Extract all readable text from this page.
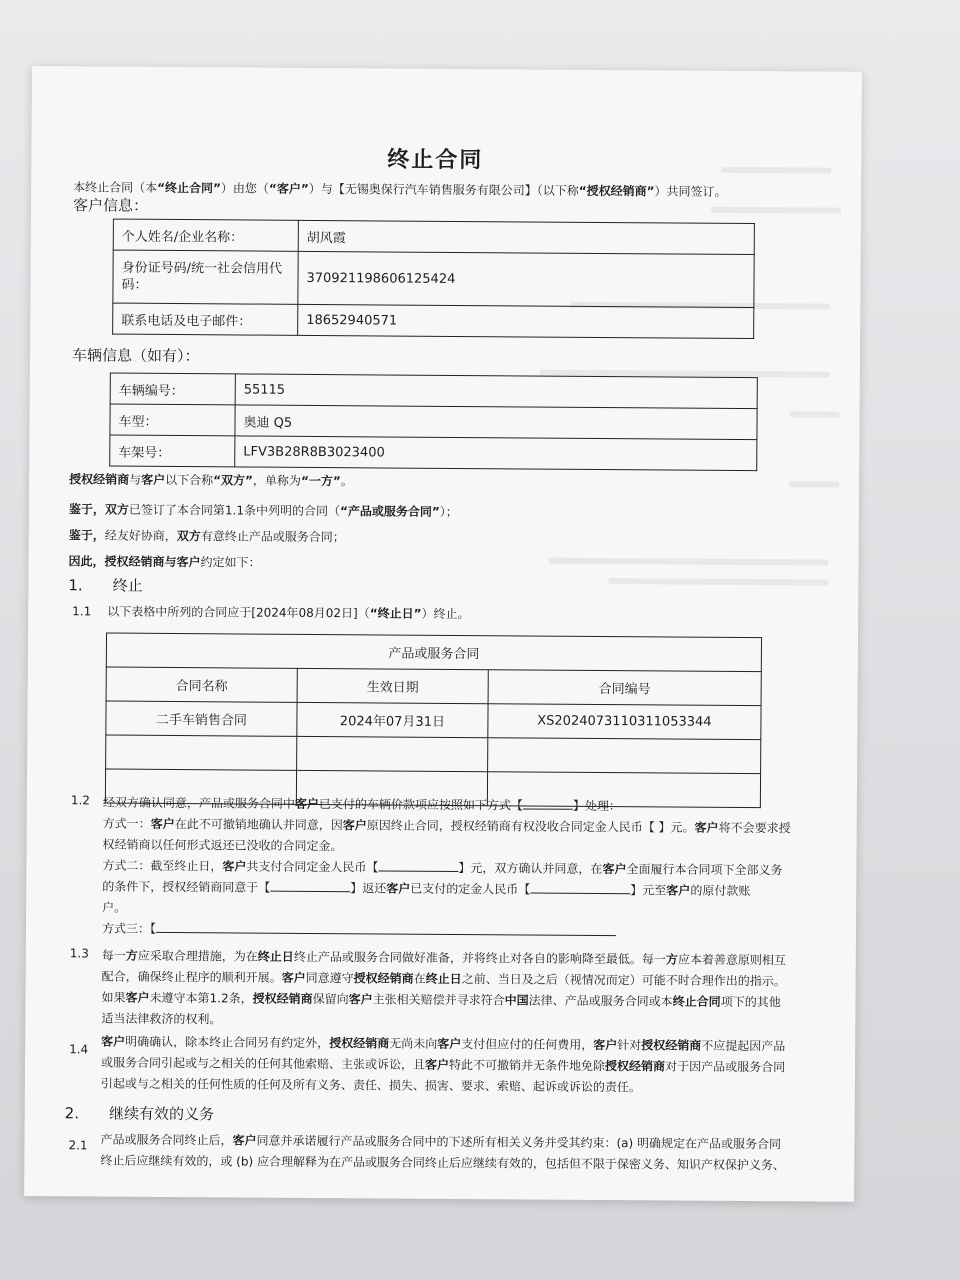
终止合同
本终止合同（本“终止合同”）由您（“客户”）与【无锡奥保行汽车销售服务有限公司】（以下称“授权经销商”）共同签订。
客户信息：
个人姓名/企业名称：	胡风霞
身份证号码/统一社会信用代码：	370921198606125424
联系电话及电子邮件：	18652940571
车辆信息（如有）：
车辆编号：	55115
车型：	奥迪 Q5
车架号：	LFV3B28R8B3023400
授权经销商与客户以下合称“双方”，单称为“一方”。
鉴于，双方已签订了本合同第1.1条中列明的合同（“产品或服务合同”）；
鉴于，经友好协商，双方有意终止产品或服务合同；
因此，授权经销商与客户约定如下：
1. 终止
1.1 以下表格中所列的合同应于[2024年08月02日]（“终止日”）终止。
产品或服务合同		
合同名称	生效日期	合同编号
二手车销售合同	2024年07月31日	XS2024073110311053344

1.2 经双方确认同意，产品或服务合同中客户已支付的车辆价款项应按照如下方式【	】处理：
方式一：客户在此不可撤销地确认并同意，因客户原因终止合同，授权经销商有权没收合同定金人民币【 】元。客户将不会要求授
权经销商以任何形式返还已没收的合同定金。
方式二：截至终止日，客户共支付合同定金人民币【	】元，双方确认并同意，在客户全面履行本合同项下全部义务
的条件下，授权经销商同意于【	】返还客户已支付的定金人民币【	】元至客户的原付款账
户。
方式三：【
1.3 每一方应采取合理措施，为在终止日终止产品或服务合同做好准备，并将终止对各自的影响降至最低。每一方应本着善意原则相互
配合，确保终止程序的顺利开展。客户同意遵守授权经销商在终止日之前、当日及之后（视情况而定）可能不时合理作出的指示。
如果客户未遵守本第1.2条，授权经销商保留向客户主张相关赔偿并寻求符合中国法律、产品或服务合同或本终止合同项下的其他
适当法律救济的权利。
1.4
客户明确确认，除本终止合同另有约定外，授权经销商无尚未向客户支付但应付的任何费用，客户针对授权经销商不应提起因产品
或服务合同引起或与之相关的任何其他索赔、主张或诉讼，且客户特此不可撤销并无条件地免除授权经销商对于因产品或服务合同
引起或与之相关的任何性质的任何及所有义务、责任、损失、损害、要求、索赔、起诉或诉讼的责任。
2. 继续有效的义务
2.1 产品或服务合同终止后，客户同意并承诺履行产品或服务合同中的下述所有相关义务并受其约束：(a) 明确规定在产品或服务合同
终止后应继续有效的，或 (b) 应合理解释为在产品或服务合同终止后应继续有效的，包括但不限于保密义务、知识产权保护义务、
